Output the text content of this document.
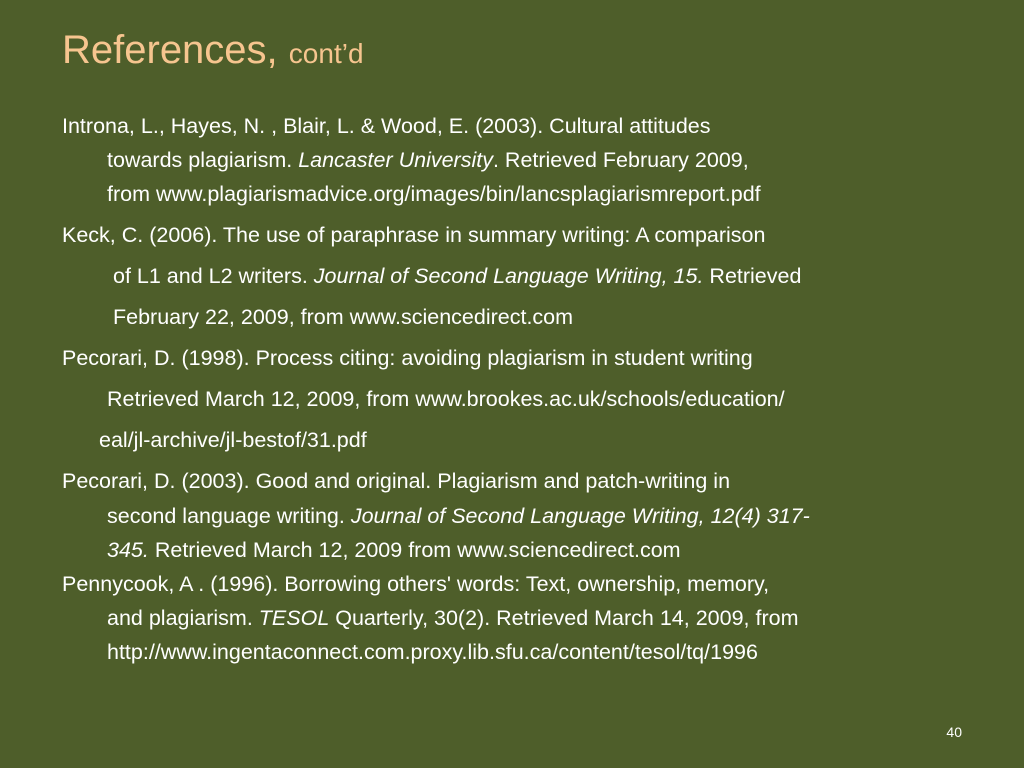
References, cont’d
Introna, L., Hayes, N. , Blair, L. & Wood, E. (2003). Cultural attitudes
towards plagiarism. Lancaster University. Retrieved February 2009,
from www.plagiarismadvice.org/images/bin/lancsplagiarismreport.pdf
Keck, C. (2006). The use of paraphrase in summary writing: A comparison
of L1 and L2 writers. Journal of Second Language Writing, 15. Retrieved
February 22, 2009, from www.sciencedirect.com
Pecorari, D. (1998). Process citing: avoiding plagiarism in student writing
Retrieved March 12, 2009, from www.brookes.ac.uk/schools/education/
eal/jl-archive/jl-bestof/31.pdf
Pecorari, D. (2003). Good and original. Plagiarism and patch-writing in
second language writing. Journal of Second Language Writing, 12(4) 317-
345. Retrieved March 12, 2009 from www.sciencedirect.com
Pennycook, A . (1996). Borrowing others' words: Text, ownership, memory,
and plagiarism. TESOL Quarterly, 30(2). Retrieved March 14, 2009, from
http://www.ingentaconnect.com.proxy.lib.sfu.ca/content/tesol/tq/1996
40
